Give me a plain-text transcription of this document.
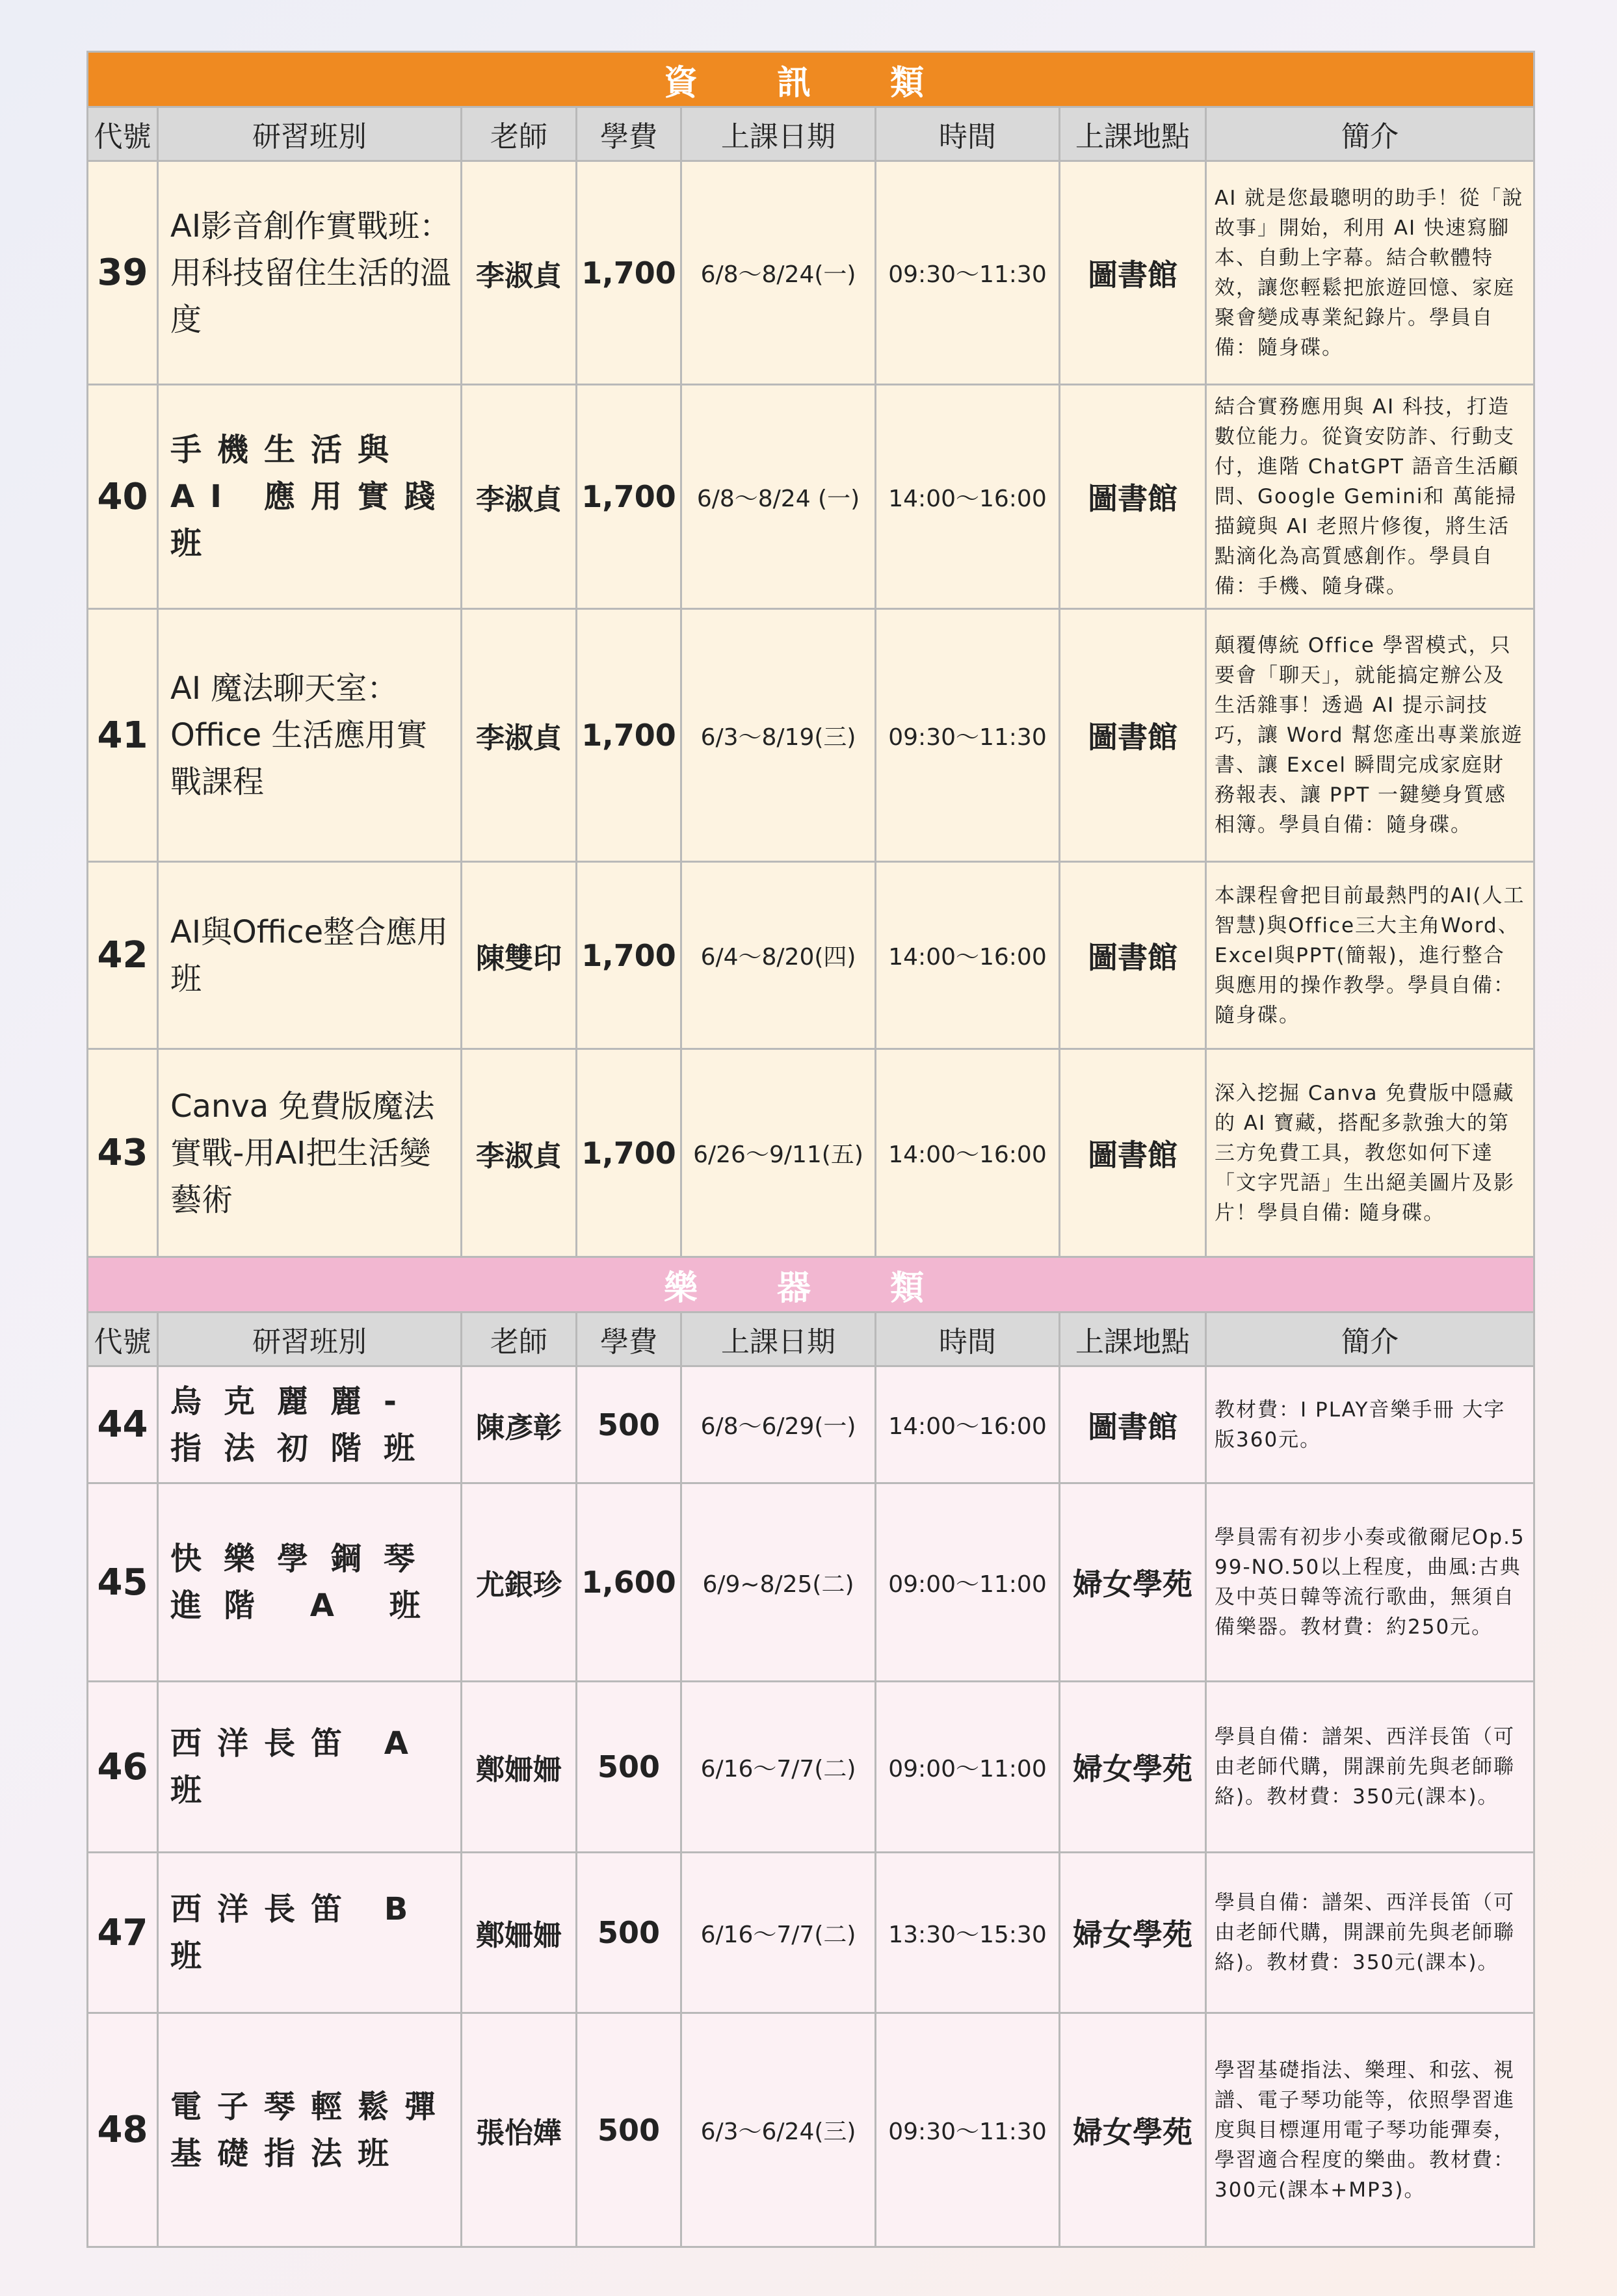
資 訊 類							
代號	研習班別	老師	學費	上課日期	時間	上課地點	簡介
39	AI影音創作實戰班：用科技留住生活的溫度	李淑貞	1,700	6/8～8/24(一)	09:30～11:30	圖書館	AI 就是您最聰明的助手！從「說故事」開始，利用 AI 快速寫腳本、自動上字幕。結合軟體特效，讓您輕鬆把旅遊回憶、家庭聚會變成專業紀錄片。學員自備：隨身碟。
40	手機生活與 AI 應用實踐班	李淑貞	1,700	6/8～8/24 (一)	14:00～16:00	圖書館	結合實務應用與 AI 科技，打造數位能力。從資安防詐、行動支付，進階 ChatGPT 語音生活顧問、Google Gemini和 萬能掃描鏡與 AI 老照片修復，將生活點滴化為高質感創作。學員自備：手機、隨身碟。
41	AI 魔法聊天室：Office 生活應用實戰課程	李淑貞	1,700	6/3～8/19(三)	09:30～11:30	圖書館	顛覆傳統 Office 學習模式，只要會「聊天」，就能搞定辦公及生活雜事！透過 AI 提示詞技巧，讓 Word 幫您產出專業旅遊書、讓 Excel 瞬間完成家庭財務報表、讓 PPT 一鍵變身質感相簿。學員自備：隨身碟。
42	AI與Office整合應用班	陳雙印	1,700	6/4～8/20(四)	14:00～16:00	圖書館	本課程會把目前最熱門的AI(人工智慧)與Office三大主角Word、Excel與PPT(簡報)，進行整合與應用的操作教學。學員自備：隨身碟。
43	Canva 免費版魔法實戰-用AI把生活變藝術	李淑貞	1,700	6/26～9/11(五)	14:00～16:00	圖書館	深入挖掘 Canva 免費版中隱藏的 AI 寶藏，搭配多款強大的第三方免費工具，教您如何下達「文字咒語」生出絕美圖片及影片！學員自備: 隨身碟。
樂 器 類							
代號	研習班別	老師	學費	上課日期	時間	上課地點	簡介
44	烏克麗麗-指法初階班	陳彥彰	500	6/8～6/29(一)	14:00～16:00	圖書館	教材費：I PLAY音樂手冊 大字版360元。
45	快樂學鋼琴進階 A 班	尤銀珍	1,600	6/9~8/25(二)	09:00～11:00	婦女學苑	學員需有初步小奏或徹爾尼Op.599-NO.50以上程度，曲風:古典及中英日韓等流行歌曲，無須自備樂器。教材費：約250元。
46	西洋長笛 A 班	鄭姍姍	500	6/16～7/7(二)	09:00～11:00	婦女學苑	學員自備：譜架、西洋長笛（可由老師代購，開課前先與老師聯絡)。教材費：350元(課本)。
47	西洋長笛 B 班	鄭姍姍	500	6/16～7/7(二)	13:30～15:30	婦女學苑	學員自備：譜架、西洋長笛（可由老師代購，開課前先與老師聯絡)。教材費：350元(課本)。
48	電子琴輕鬆彈基礎指法班	張怡嬅	500	6/3～6/24(三)	09:30～11:30	婦女學苑	學習基礎指法、樂理、和弦、視譜、電子琴功能等，依照學習進度與目標運用電子琴功能彈奏，學習適合程度的樂曲。教材費：300元(課本+MP3)。
